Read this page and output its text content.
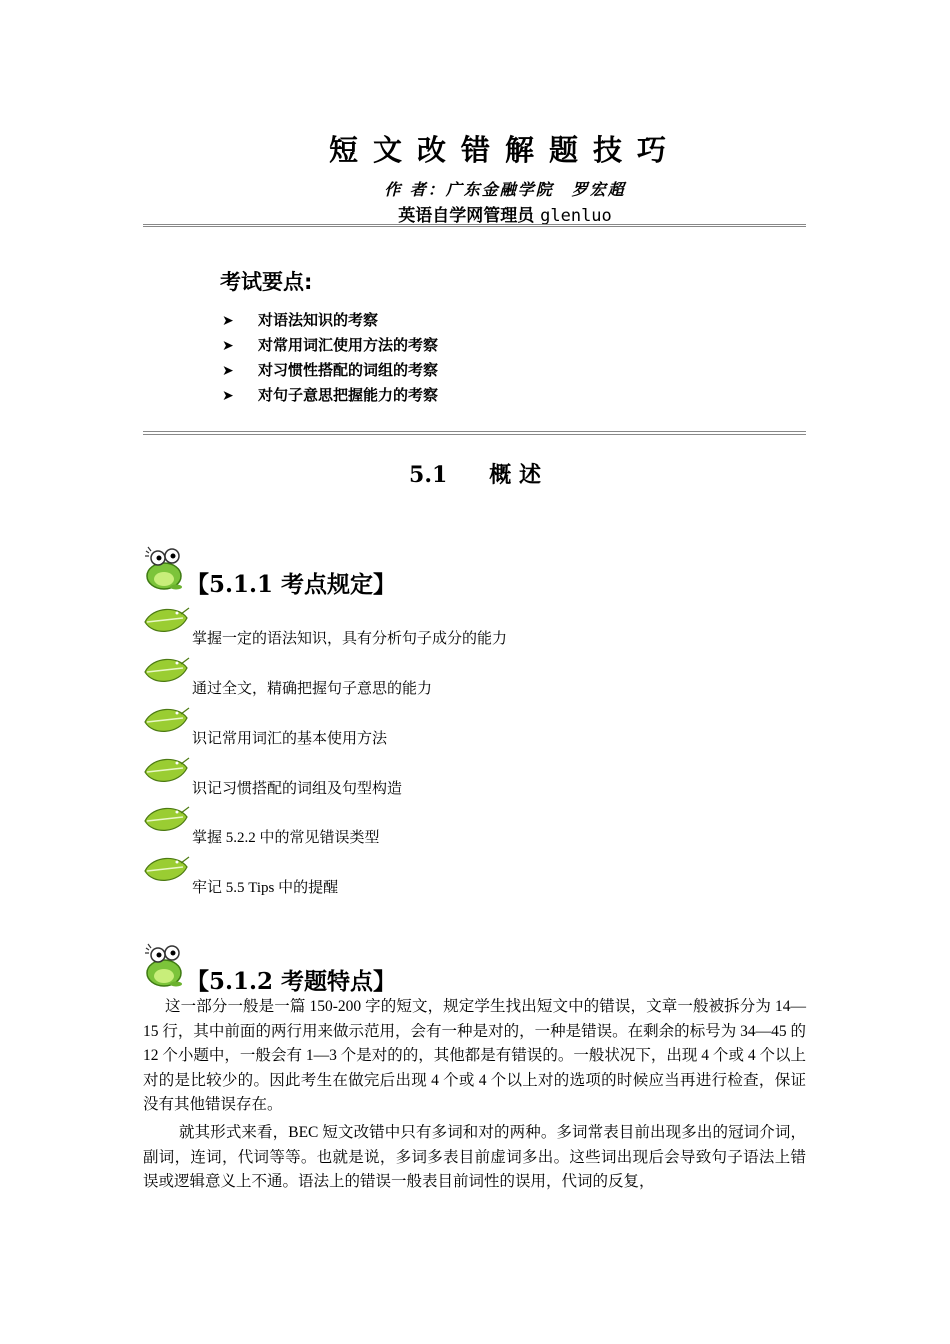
短文改错解题技巧
作 者：广东金融学院　罗宏超
英语自学网管理员 glenluo
考试要点:
➤ 对语法知识的考察
➤ 对常用词汇使用方法的考察
➤ 对习惯性搭配的词组的考察
➤ 对句子意思把握能力的考察
5.1 概 述
【5.1.1 考点规定】
掌握一定的语法知识，具有分析句子成分的能力
通过全文，精确把握句子意思的能力
识记常用词汇的基本使用方法
识记习惯搭配的词组及句型构造
掌握 5.2.2 中的常见错误类型
牢记 5.5 Tips 中的提醒
【5.1.2 考题特点】

这一部分一般是一篇 150-200 字的短文，规定学生找出短文中的错误，文章一般被拆分为 14—15 行，其中前面的两行用来做示范用，会有一种是对的，一种是错误。在剩余的标号为 34—45 的 12 个小题中，一般会有 1—3 个是对的的，其他都是有错误的。一般状况下，出现 4 个或 4 个以上对的是比较少的。因此考生在做完后出现 4 个或 4 个以上对的选项的时候应当再进行检查，保证没有其他错误存在。

就其形式来看，BEC 短文改错中只有多词和对的两种。多词常表目前出现多出的冠词介词，副词，连词，代词等等。也就是说，多词多表目前虚词多出。这些词出现后会导致句子语法上错误或逻辑意义上不通。语法上的错误一般表目前词性的误用，代词的反复，
